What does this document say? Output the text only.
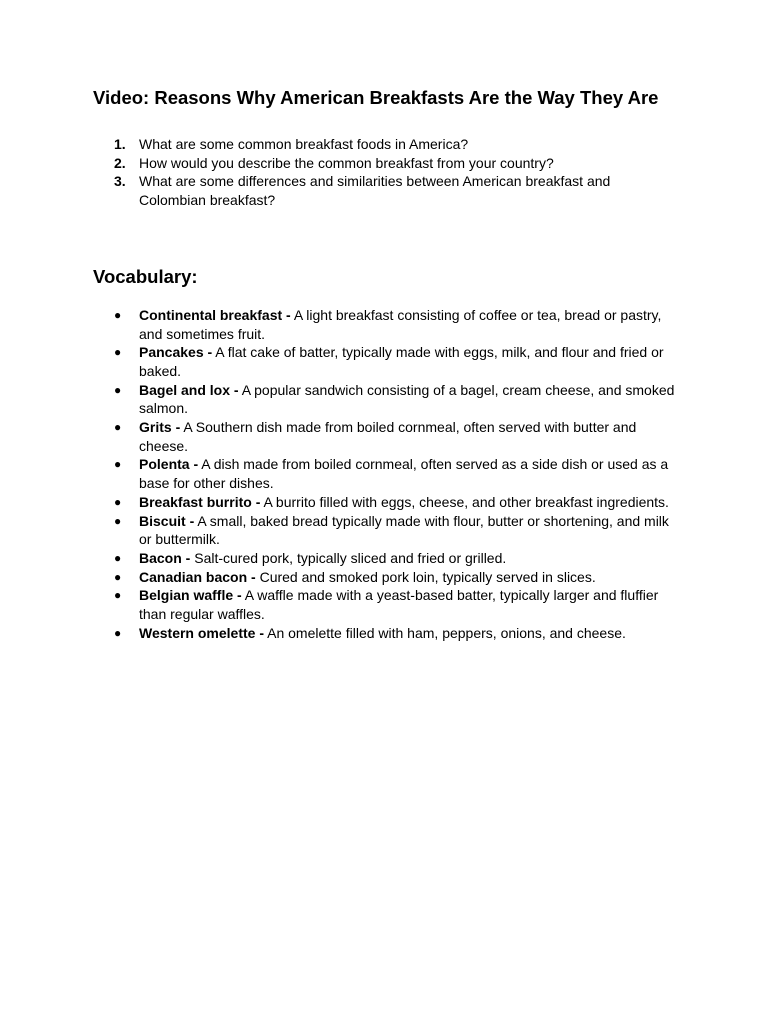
Video: Reasons Why American Breakfasts Are the Way They Are
1. What are some common breakfast foods in America?
2. How would you describe the common breakfast from your country?
3. What are some differences and similarities between American breakfast and Colombian breakfast?
Vocabulary:
● Continental breakfast - A light breakfast consisting of coffee or tea, bread or pastry, and sometimes fruit.
● Pancakes - A flat cake of batter, typically made with eggs, milk, and flour and fried or baked.
● Bagel and lox - A popular sandwich consisting of a bagel, cream cheese, and smoked salmon.
● Grits - A Southern dish made from boiled cornmeal, often served with butter and cheese.
● Polenta - A dish made from boiled cornmeal, often served as a side dish or used as a base for other dishes.
● Breakfast burrito - A burrito filled with eggs, cheese, and other breakfast ingredients.
● Biscuit - A small, baked bread typically made with flour, butter or shortening, and milk or buttermilk.
● Bacon - Salt-cured pork, typically sliced and fried or grilled.
● Canadian bacon - Cured and smoked pork loin, typically served in slices.
● Belgian waffle - A waffle made with a yeast-based batter, typically larger and fluffier than regular waffles.
● Western omelette - An omelette filled with ham, peppers, onions, and cheese.
